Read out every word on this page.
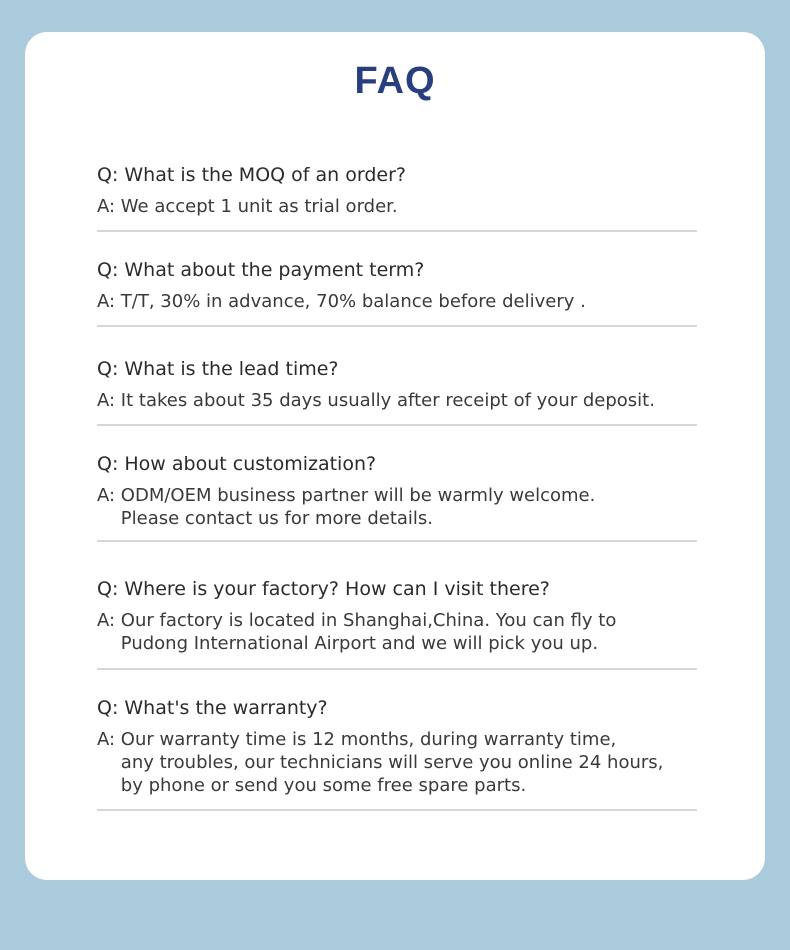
FAQ
Q: What is the MOQ of an order?
A: We accept 1 unit as trial order.
Q: What about the payment term?
A: T/T, 30% in advance, 70% balance before delivery .
Q: What is the lead time?
A: It takes about 35 days usually after receipt of your deposit.
Q: How about customization?
A: ODM/OEM business partner will be warmly welcome.
Please contact us for more details.
Q: Where is your factory? How can I visit there?
A: Our factory is located in Shanghai,China. You can fly to
Pudong International Airport and we will pick you up.
Q: What's the warranty?
A: Our warranty time is 12 months, during warranty time,
any troubles, our technicians will serve you online 24 hours,
by phone or send you some free spare parts.
